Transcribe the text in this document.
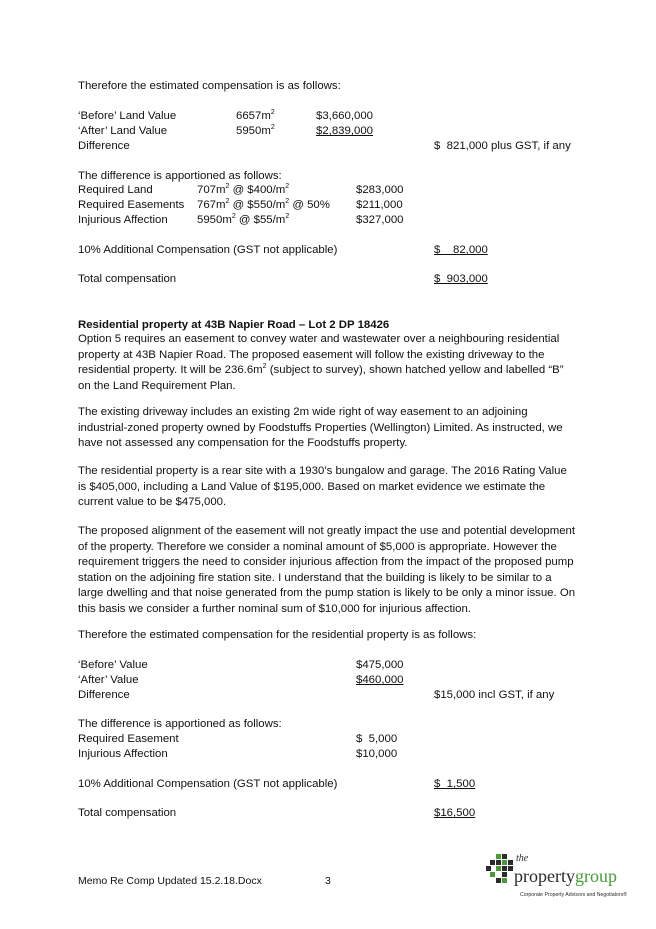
Therefore the estimated compensation is as follows:
‘Before’ Land Value	$6657m^2$	$3,660,000
‘After’ Land Value	$5950m^2$	$2,839,000
Difference	$  821,000 plus GST, if any
The difference is apportioned as follows:
Required Land	$707m^2$ @ $\$400/m^2$	$283,000
Required Easements $767m^2$ @ $\$550/m^2$ @ 50% $211,000
Injurious Affection	$5950m^2$ @ $\$55/m^2$	$327,000
10% Additional Compensation (GST not applicable)	$    82,000
Total compensation	$  903,000
Residential property at 43B Napier Road – Lot 2 DP 18426
Option 5 requires an easement to convey water and wastewater over a neighbouring residential property at 43B Napier Road. The proposed easement will follow the existing driveway to the residential property. It will be $236.6m^2$ (subject to survey), shown hatched yellow and labelled “B” on the Land Requirement Plan.
The existing driveway includes an existing 2m wide right of way easement to an adjoining industrial-zoned property owned by Foodstuffs Properties (Wellington) Limited. As instructed, we have not assessed any compensation for the Foodstuffs property.
The residential property is a rear site with a 1930’s bungalow and garage. The 2016 Rating Value is $405,000, including a Land Value of $195,000. Based on market evidence we estimate the current value to be $475,000.
The proposed alignment of the easement will not greatly impact the use and potential development of the property. Therefore we consider a nominal amount of $5,000 is appropriate. However the requirement triggers the need to consider injurious affection from the impact of the proposed pump station on the adjoining fire station site. I understand that the building is likely to be similar to a large dwelling and that noise generated from the pump station is likely to be only a minor issue. On this basis we consider a further nominal sum of $10,000 for injurious affection.
Therefore the estimated compensation for the residential property is as follows:
‘Before’ Value	$475,000
‘After’ Value	$460,000
Difference	$15,000 incl GST, if any
The difference is apportioned as follows:
Required Easement	$  5,000
Injurious Affection	$10,000
10% Additional Compensation (GST not applicable)	$  1,500
Total compensation	$16,500
Memo Re Comp Updated 15.2.18.Docx	3
the
propertygroup
Corporate Property Advisors and Negotiators®
